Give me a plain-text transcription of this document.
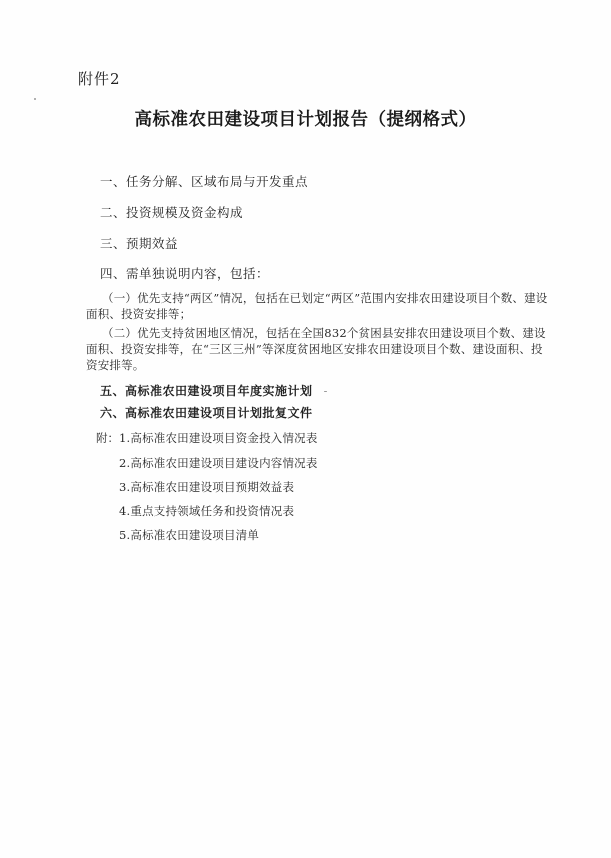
附件2
高标准农田建设项目计划报告（提纲格式）
一、任务分解、区域布局与开发重点
二、投资规模及资金构成
三、预期效益
四、需单独说明内容，包括：

（一）优先支持“两区”情况，包括在已划定“两区”范围内安排农田建设项目个数、建设面积、投资安排等；

（二）优先支持贫困地区情况，包括在全国832个贫困县安排农田建设项目个数、建设面积、投资安排等，在“三区三州”等深度贫困地区安排农田建设项目个数、建设面积、投资安排等。

五、高标准农田建设项目年度实施计划
六、高标准农田建设项目计划批复文件
附： 1.高标准农田建设项目资金投入情况表
2.高标准农田建设项目建设内容情况表
3.高标准农田建设项目预期效益表
4.重点支持领域任务和投资情况表
5.高标准农田建设项目清单
